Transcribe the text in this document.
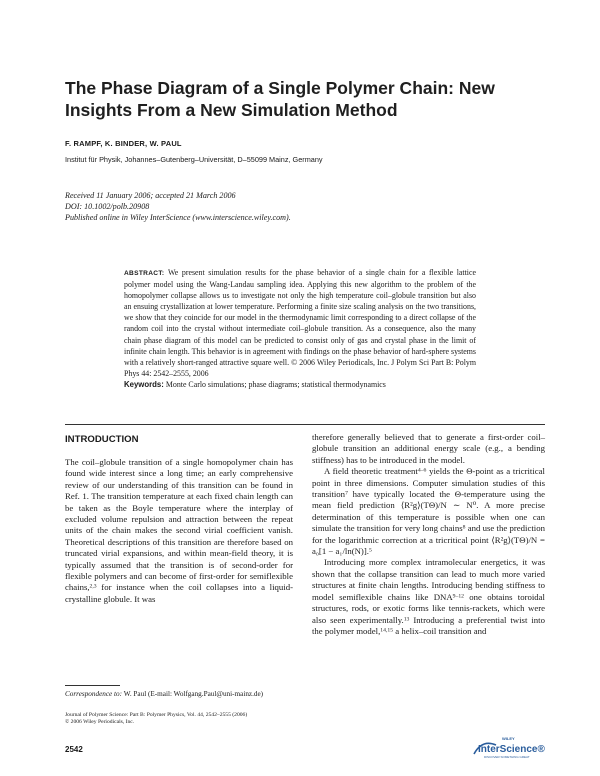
The Phase Diagram of a Single Polymer Chain: New Insights From a New Simulation Method
F. RAMPF, K. BINDER, W. PAUL
Institut für Physik, Johannes–Gutenberg–Universität, D–55099 Mainz, Germany
Received 11 January 2006; accepted 21 March 2006
DOI: 10.1002/polb.20908
Published online in Wiley InterScience (www.interscience.wiley.com).
ABSTRACT: We present simulation results for the phase behavior of a single chain for a flexible lattice polymer model using the Wang-Landau sampling idea. Applying this new algorithm to the problem of the homopolymer collapse allows us to investigate not only the high temperature coil–globule transition but also an ensuing crystallization at lower temperature. Performing a finite size scaling analysis on the two transitions, we show that they coincide for our model in the thermodynamic limit corresponding to a direct collapse of the random coil into the crystal without intermediate coil–globule transition. As a consequence, also the many chain phase diagram of this model can be predicted to consist only of gas and crystal phase in the limit of infinite chain length. This behavior is in agreement with findings on the phase behavior of hard-sphere systems with a relatively short-ranged attractive square well. © 2006 Wiley Periodicals, Inc. J Polym Sci Part B: Polym Phys 44: 2542–2555, 2006
Keywords: Monte Carlo simulations; phase diagrams; statistical thermodynamics
INTRODUCTION

The coil–globule transition of a single homopolymer chain has found wide interest since a long time; an early comprehensive review of our understanding of this transition can be found in Ref. 1. The transition temperature at each fixed chain length can be taken as the Boyle temperature where the interplay of excluded volume repulsion and attraction between the repeat units of the chain makes the second virial coefficient vanish. Theoretical descriptions of this transition are therefore based on truncated virial expansions, and within mean-field theory, it is typically assumed that the transition is of second-order for flexible polymers and can become of first-order for semiflexible chains,$^{2,3}$ for instance when the coil collapses into a liquid-crystalline globule. It was

therefore generally believed that to generate a first-order coil–globule transition an additional energy scale (e.g., a bending stiffness) has to be introduced in the model.

A field theoretic treatment$^{4-6}$ yields the Θ-point as a tricritical point in three dimensions. Computer simulation studies of this transition$^7$ have typically located the Θ-temperature using the mean field prediction ⟨R²g⟩(TΘ)/N ∼ N⁰. A more precise determination of this temperature is possible when one can simulate the transition for very long chains$^8$ and use the prediction for the logarithmic correction at a tricritical point ⟨R²g⟩(TΘ)/N = a₀[1 − a₁/ln(N)].$^5$

Introducing more complex intramolecular energetics, it was shown that the collapse transition can lead to much more varied structures at finite chain lengths. Introducing bending stiffness to model semiflexible chains like DNA$^{9-12}$ one obtains toroidal structures, rods, or exotic forms like tennis-rackets, which were also seen experimentally.$^{13}$ Introducing a preferential twist into the polymer model,$^{14,15}$ a helix–coil transition and

Correspondence to: W. Paul (E-mail: Wolfgang.Paul@uni-mainz.de)
Journal of Polymer Science: Part B: Polymer Physics, Vol. 44, 2542–2555 (2006)
© 2006 Wiley Periodicals, Inc.
2542
WILEY
InterScience®
DISCOVER SOMETHING GREAT
